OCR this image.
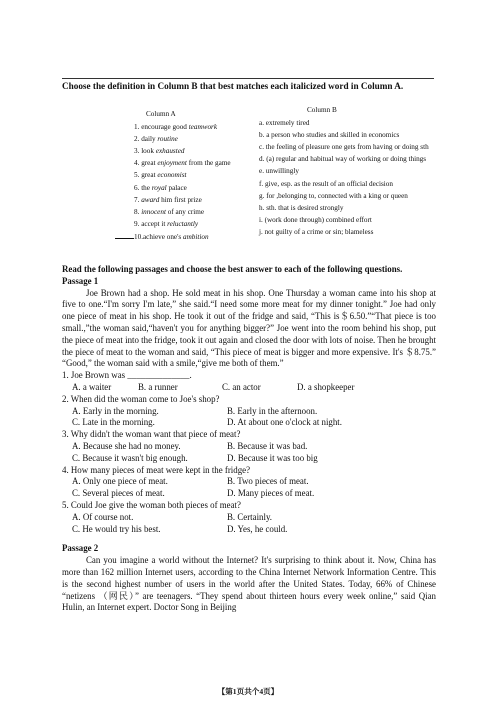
Choose the definition in Column B that best matches each italicized word in Column A.
Column A
1. encourage good teamwork
2. daily routine
3. look exhausted
4. great enjoyment from the game
5. great economist
6. the royal palace
7. award him first prize
8. innocent of any crime
9. accept it reluctantly
10.achieve one's ambition
Column B
a. extremely tired
b. a person who studies and skilled in economics
c. the feeling of pleasure one gets from having or doing sth
d. (a) regular and habitual way of working or doing things
e. unwillingly
f. give, esp. as the result of an official decision
g. for ,belonging to, connected with a king or queen
h. sth. that is desired strongly
i. (work done through) combined effort
j. not guilty of a crime or sin; blameless
Read the following passages and choose the best answer to each of the following questions.
Passage 1
Joe Brown had a shop. He sold meat in his shop. One Thursday a woman came into his shop at five to one.“I'm sorry I'm late,” she said.“I need some more meat for my dinner tonight.” Joe had only one piece of meat in his shop. He took it out of the fridge and said, “This is＄6.50.”“That piece is too small.,”the woman said,“haven't you for anything bigger?” Joe went into the room behind his shop, put the piece of meat into the fridge, took it out again and closed the door with lots of noise. Then he brought the piece of meat to the woman and said, “This piece of meat is bigger and more expensive. It's ＄8.75.” “Good,” the woman said with a smile,“give me both of them.”
1. Joe Brown was ______________.
A. a waiter	B. a runner	C. an actor	D. a shopkeeper
2. When did the woman come to Joe's shop?
A. Early in the morning.	B. Early in the afternoon.
C. Late in the morning.	D. At about one o'clock at night.
3. Why didn't the woman want that piece of meat?
A. Because she had no money.	B. Because it was bad.
C. Because it wasn't big enough.	D. Because it was too big
4. How many pieces of meat were kept in the fridge?
A. Only one piece of meat.	B. Two pieces of meat.
C. Several pieces of meat.	D. Many pieces of meat.
5. Could Joe give the woman both pieces of meat?
A. Of course not.	B. Certainly.
C. He would try his best.	D. Yes, he could.
Passage 2
Can you imagine a world without the Internet? It's surprising to think about it. Now, China has more than 162 million Internet users, according to the China Internet Network Information Centre. This is the second highest number of users in the world after the United States. Today, 66% of Chinese “netizens （网民）” are teenagers. “They spend about thirteen hours every week online,” said Qian Hulin, an Internet expert. Doctor Song in Beijing
【第1页共个4页】
